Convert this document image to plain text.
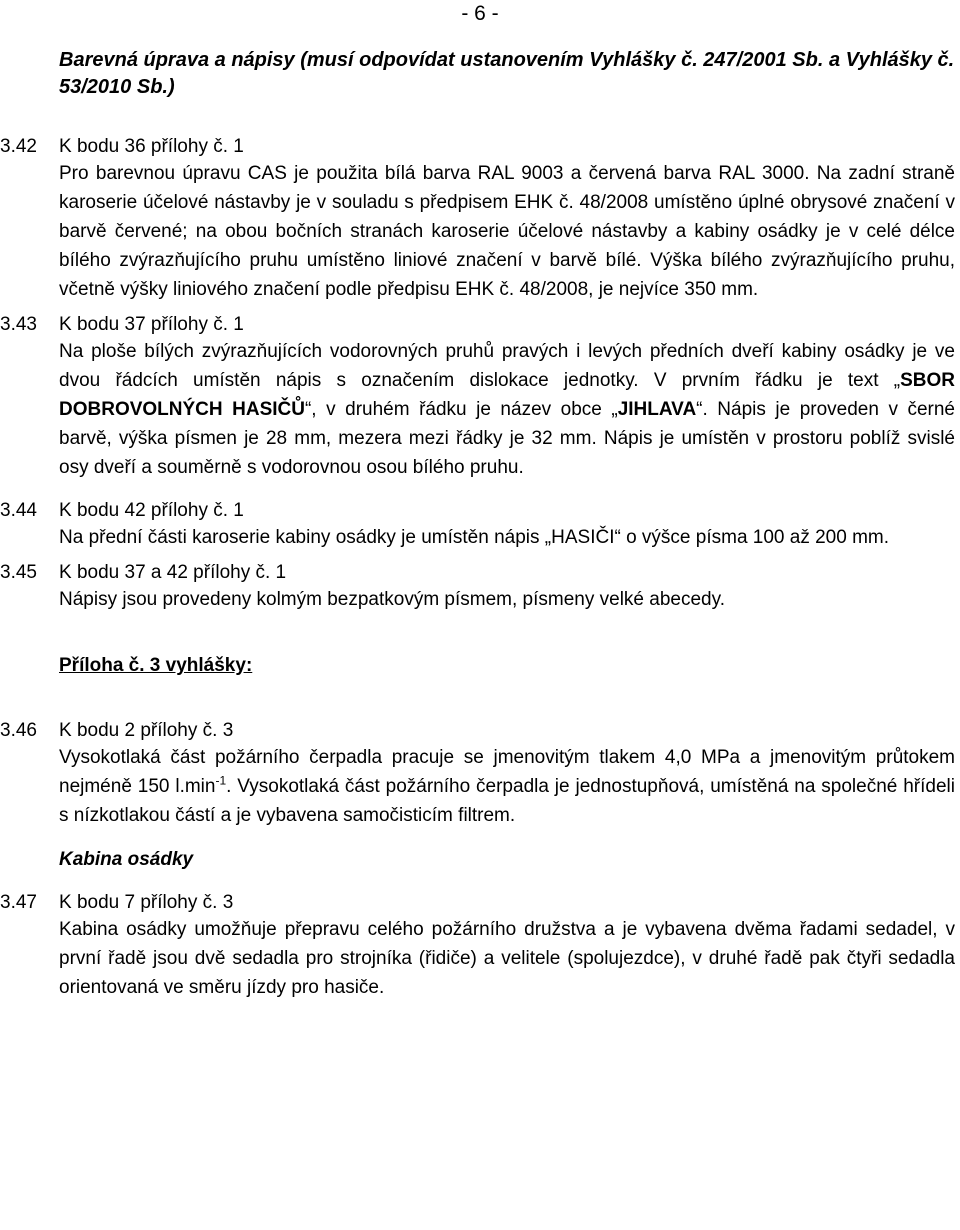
- 6 -
Barevná úprava a nápisy (musí odpovídat ustanovením Vyhlášky č. 247/2001 Sb. a Vyhlášky č. 53/2010 Sb.)
3.42 K bodu 36 přílohy č. 1
Pro barevnou úpravu CAS je použita bílá barva RAL 9003 a červená barva RAL 3000. Na zadní straně karoserie účelové nástavby je v souladu s předpisem EHK č. 48/2008 umístěno úplné obrysové značení v barvě červené; na obou bočních stranách karoserie účelové nástavby a kabiny osádky je v celé délce bílého zvýrazňujícího pruhu umístěno liniové značení v barvě bílé. Výška bílého zvýrazňujícího pruhu, včetně výšky liniového značení podle předpisu EHK č. 48/2008, je nejvíce 350 mm.
3.43 K bodu 37 přílohy č. 1
Na ploše bílých zvýrazňujících vodorovných pruhů pravých i levých předních dveří kabiny osádky je ve dvou řádcích umístěn nápis s označením dislokace jednotky. V prvním řádku je text „SBOR DOBROVOLNÝCH HASIČŮ“, v druhém řádku je název obce „JIHLAVA“. Nápis je proveden v černé barvě, výška písmen je 28 mm, mezera mezi řádky je 32 mm. Nápis je umístěn v prostoru poblíž svislé osy dveří a souměrně s vodorovnou osou bílého pruhu.
3.44 K bodu 42 přílohy č. 1
Na přední části karoserie kabiny osádky je umístěn nápis „HASIČI“ o výšce písma 100 až 200 mm.
3.45 K bodu 37 a 42 přílohy č. 1
Nápisy jsou provedeny kolmým bezpatkovým písmem, písmeny velké abecedy.
Příloha č. 3 vyhlášky:
3.46 K bodu 2 přílohy č. 3
Vysokotlaká část požárního čerpadla pracuje se jmenovitým tlakem 4,0 MPa a jmenovitým průtokem nejméně 150 $l.\min^{-1}$. Vysokotlaká část požárního čerpadla je jednostupňová, umístěná na společné hřídeli s nízkotlakou částí a je vybavena samočisticím filtrem.
Kabina osádky
3.47 K bodu 7 přílohy č. 3
Kabina osádky umožňuje přepravu celého požárního družstva a je vybavena dvěma řadami sedadel, v první řadě jsou dvě sedadla pro strojníka (řidiče) a velitele (spolujezdce), v druhé řadě pak čtyři sedadla orientovaná ve směru jízdy pro hasiče.
